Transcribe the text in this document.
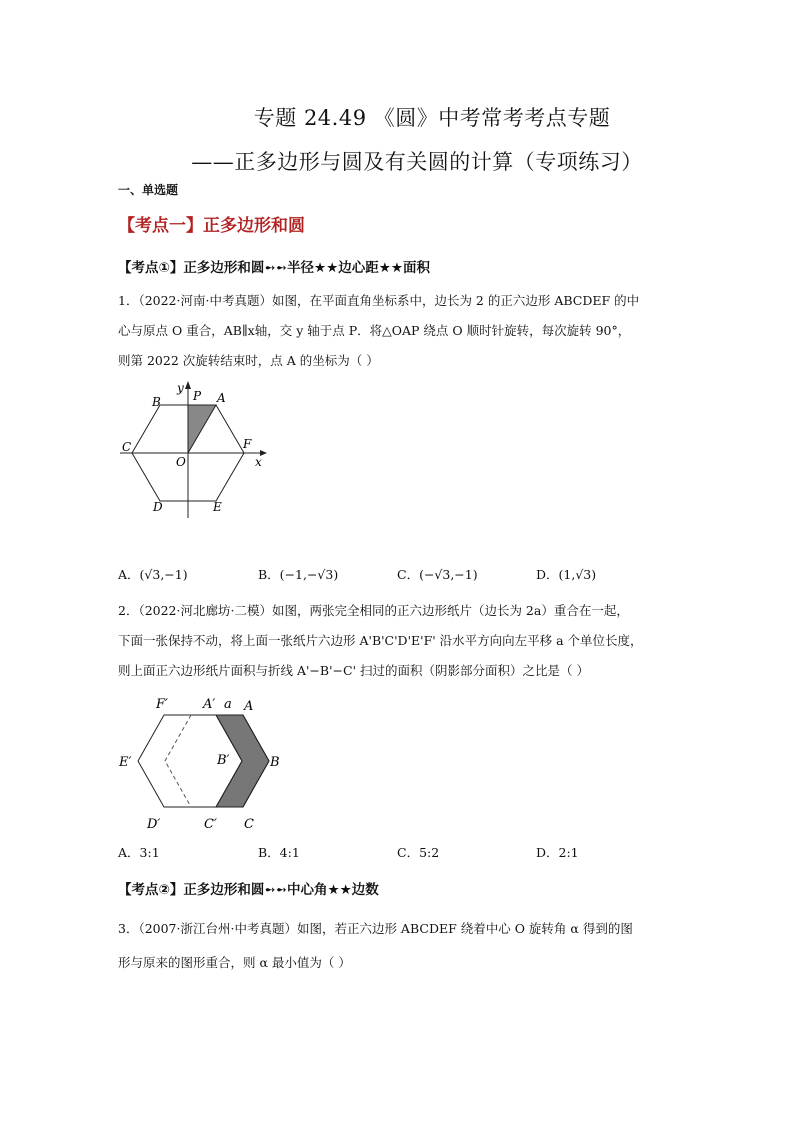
专题 24.49 《圆》中考常考考点专题
——正多边形与圆及有关圆的计算（专项练习）
一、单选题
【考点一】正多边形和圆
【考点①】正多边形和圆➻➻半径★★边心距★★面积
1．（2022·河南·中考真题）如图，在平面直角坐标系中，边长为 2 的正六边形 ABCDEF 的中
心与原点 O 重合，AB∥x轴，交 y 轴于点 P．将△OAP 绕点 O 顺时针旋转，每次旋转 90°，
则第 2022 次旋转结束时，点 A 的坐标为（ ）
y
P A
B
C	F
O	x
D	E
A．(√3,−1)	B．(−1,−√3)	C．(−√3,−1)	D．(1,√3)
2．（2022·河北廊坊·二模）如图，两张完全相同的正六边形纸片（边长为 2a）重合在一起，
下面一张保持不动，将上面一张纸片六边形 A'B'C'D'E'F' 沿水平方向向左平移 a 个单位长度，
则上面正六边形纸片面积与折线 A'−B'−C' 扫过的面积（阴影部分面积）之比是（ ）
F′	A′ a A
E′	B′	B
D′	C′ C
A．3:1	B．4:1	C．5:2	D．2:1
【考点②】正多边形和圆➻➻中心角★★边数
3．（2007·浙江台州·中考真题）如图，若正六边形 ABCDEF 绕着中心 O 旋转角 α 得到的图
形与原来的图形重合，则 α 最小值为（ ）
